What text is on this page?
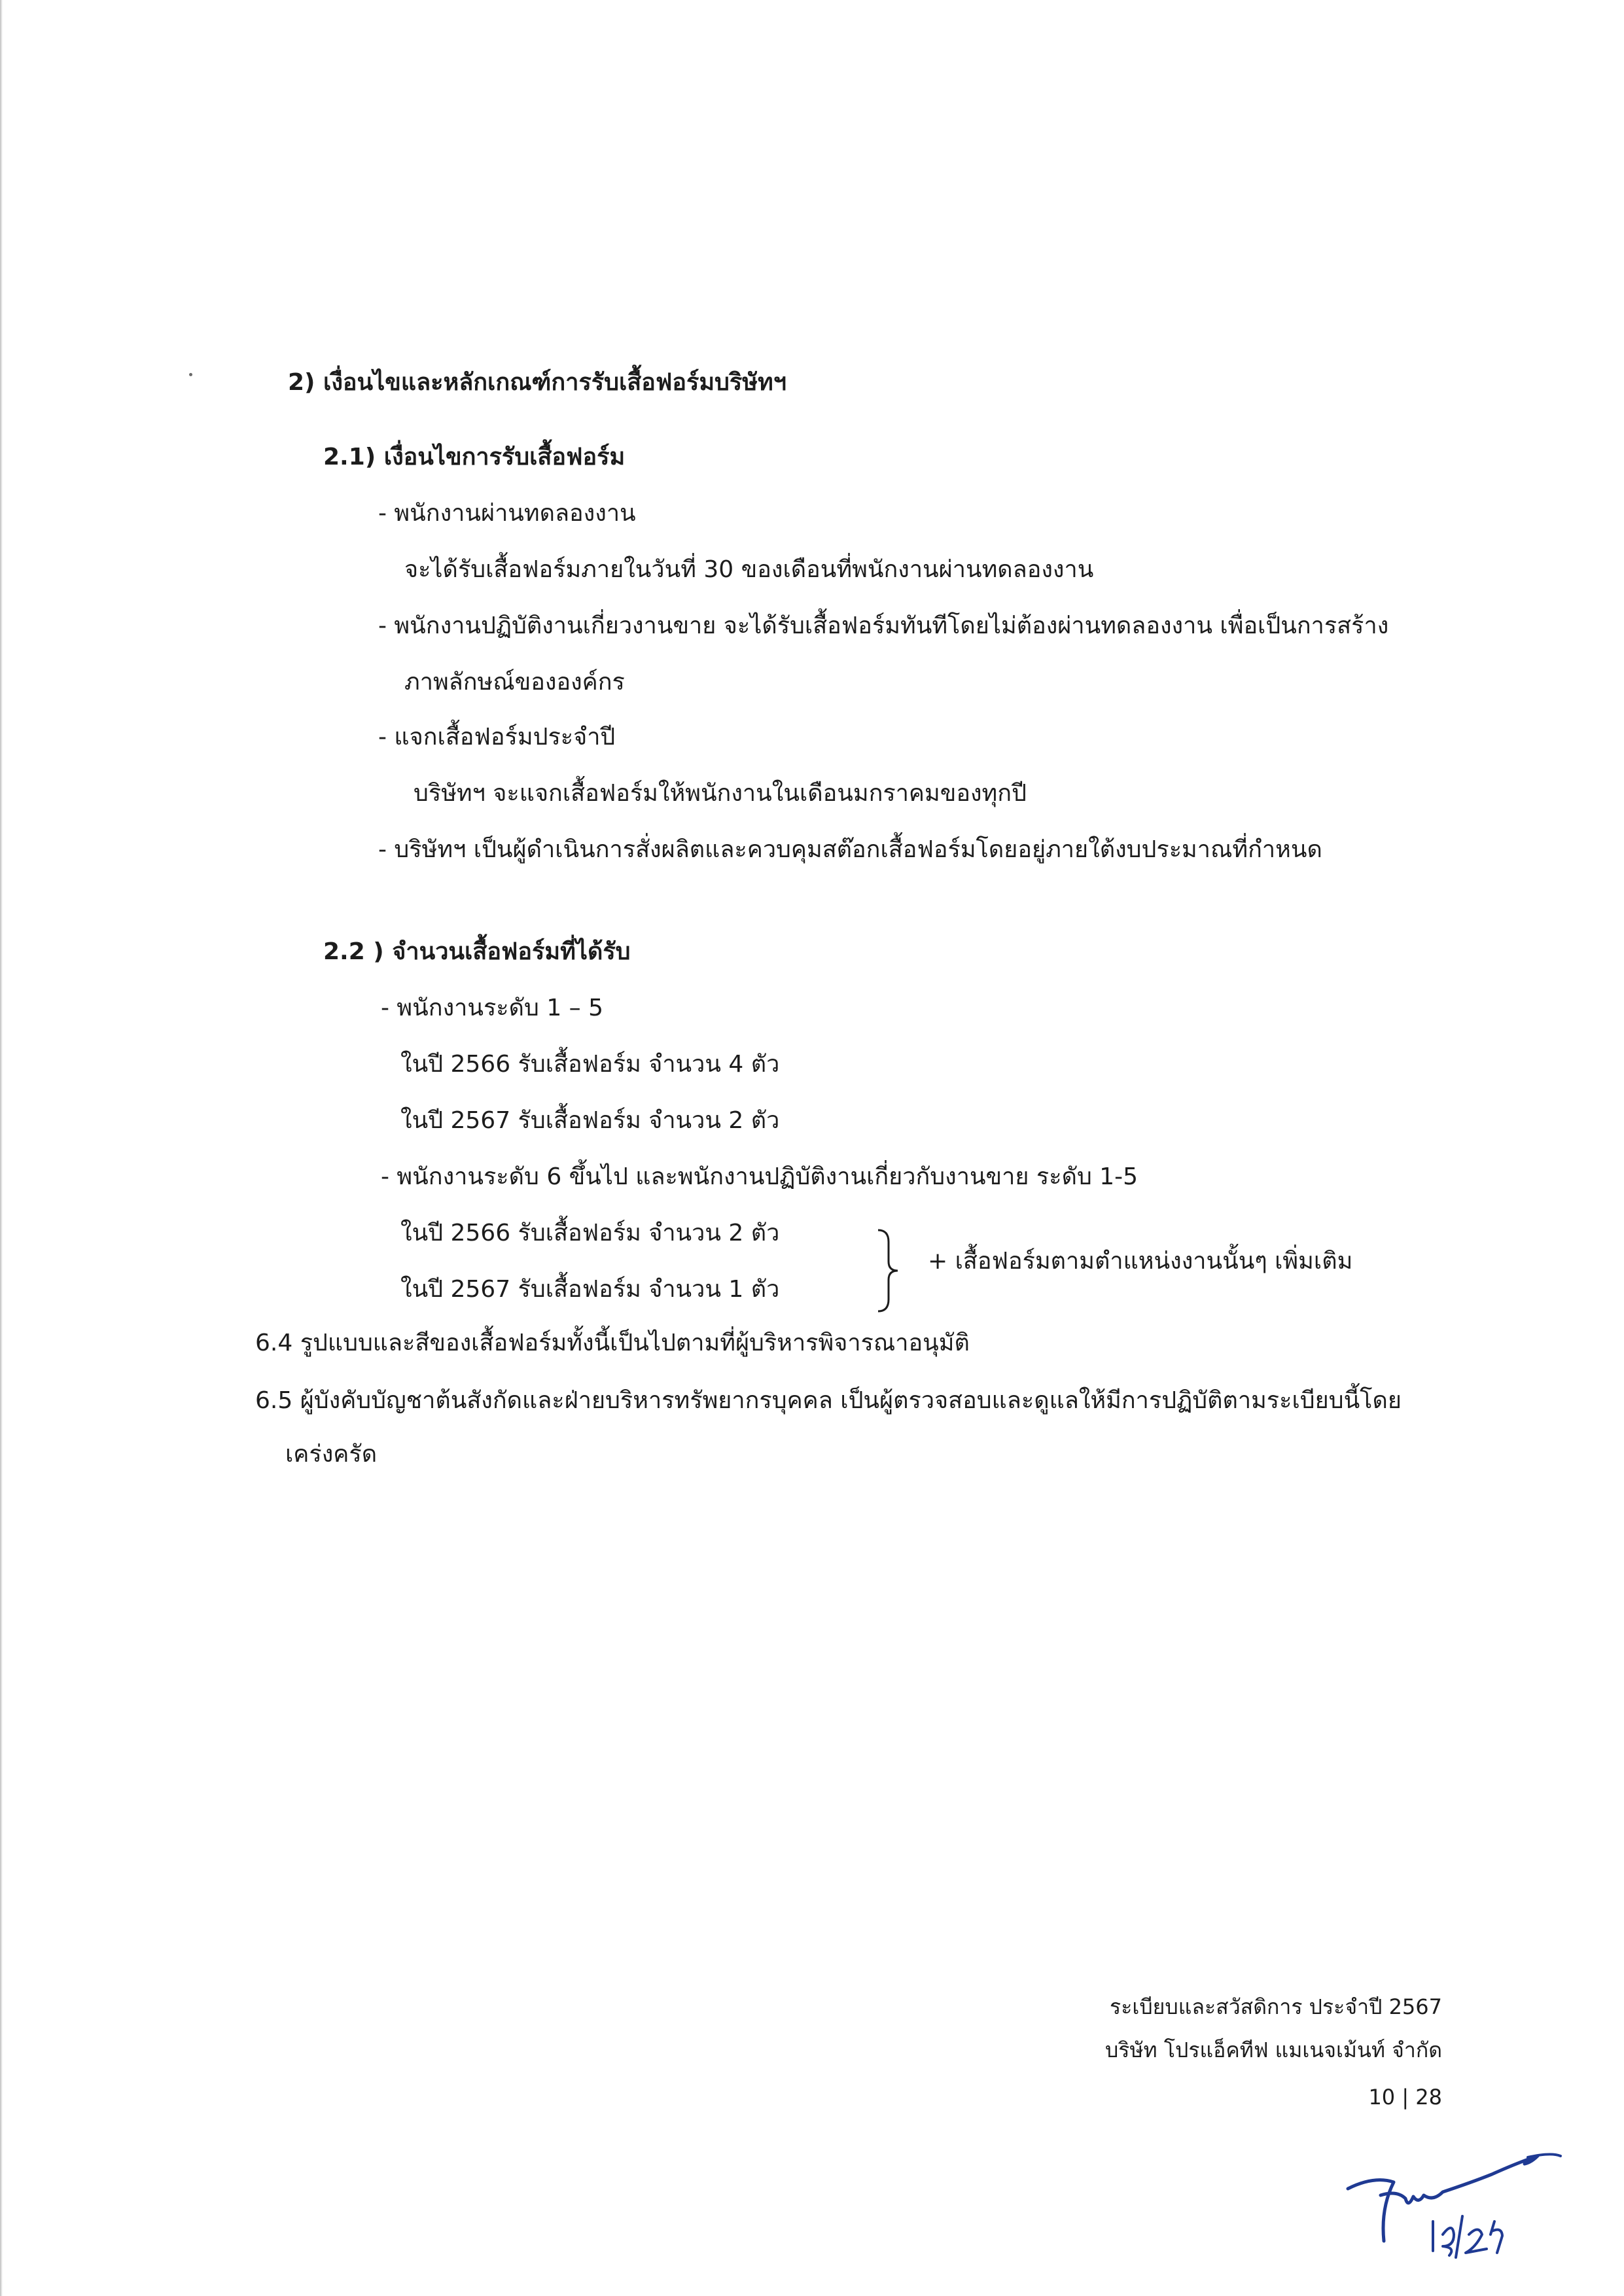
2) เงื่อนไขและหลักเกณฑ์การรับเสื้อฟอร์มบริษัทฯ
2.1) เงื่อนไขการรับเสื้อฟอร์ม
- พนักงานผ่านทดลองงาน
จะได้รับเสื้อฟอร์มภายในวันที่ 30 ของเดือนที่พนักงานผ่านทดลองงาน
- พนักงานปฏิบัติงานเกี่ยวงานขาย จะได้รับเสื้อฟอร์มทันทีโดยไม่ต้องผ่านทดลองงาน เพื่อเป็นการสร้าง
ภาพลักษณ์ขององค์กร
- แจกเสื้อฟอร์มประจำปี
บริษัทฯ จะแจกเสื้อฟอร์มให้พนักงานในเดือนมกราคมของทุกปี
- บริษัทฯ เป็นผู้ดำเนินการสั่งผลิตและควบคุมสต๊อกเสื้อฟอร์มโดยอยู่ภายใต้งบประมาณที่กำหนด
2.2 ) จำนวนเสื้อฟอร์มที่ได้รับ
- พนักงานระดับ 1 – 5
ในปี 2566 รับเสื้อฟอร์ม จำนวน 4 ตัว
ในปี 2567 รับเสื้อฟอร์ม จำนวน 2 ตัว
- พนักงานระดับ 6 ขึ้นไป และพนักงานปฏิบัติงานเกี่ยวกับงานขาย ระดับ 1-5
ในปี 2566 รับเสื้อฟอร์ม จำนวน 2 ตัว
ในปี 2567 รับเสื้อฟอร์ม จำนวน 1 ตัว
+ เสื้อฟอร์มตามตำแหน่งงานนั้นๆ เพิ่มเติม
6.4 รูปแบบและสีของเสื้อฟอร์มทั้งนี้เป็นไปตามที่ผู้บริหารพิจารณาอนุมัติ
6.5 ผู้บังคับบัญชาต้นสังกัดและฝ่ายบริหารทรัพยากรบุคคล เป็นผู้ตรวจสอบและดูแลให้มีการปฏิบัติตามระเบียบนี้โดย
เคร่งครัด
ระเบียบและสวัสดิการ ประจำปี 2567
บริษัท โปรแอ็คทีฟ แมเนจเม้นท์ จำกัด
10 | 28
